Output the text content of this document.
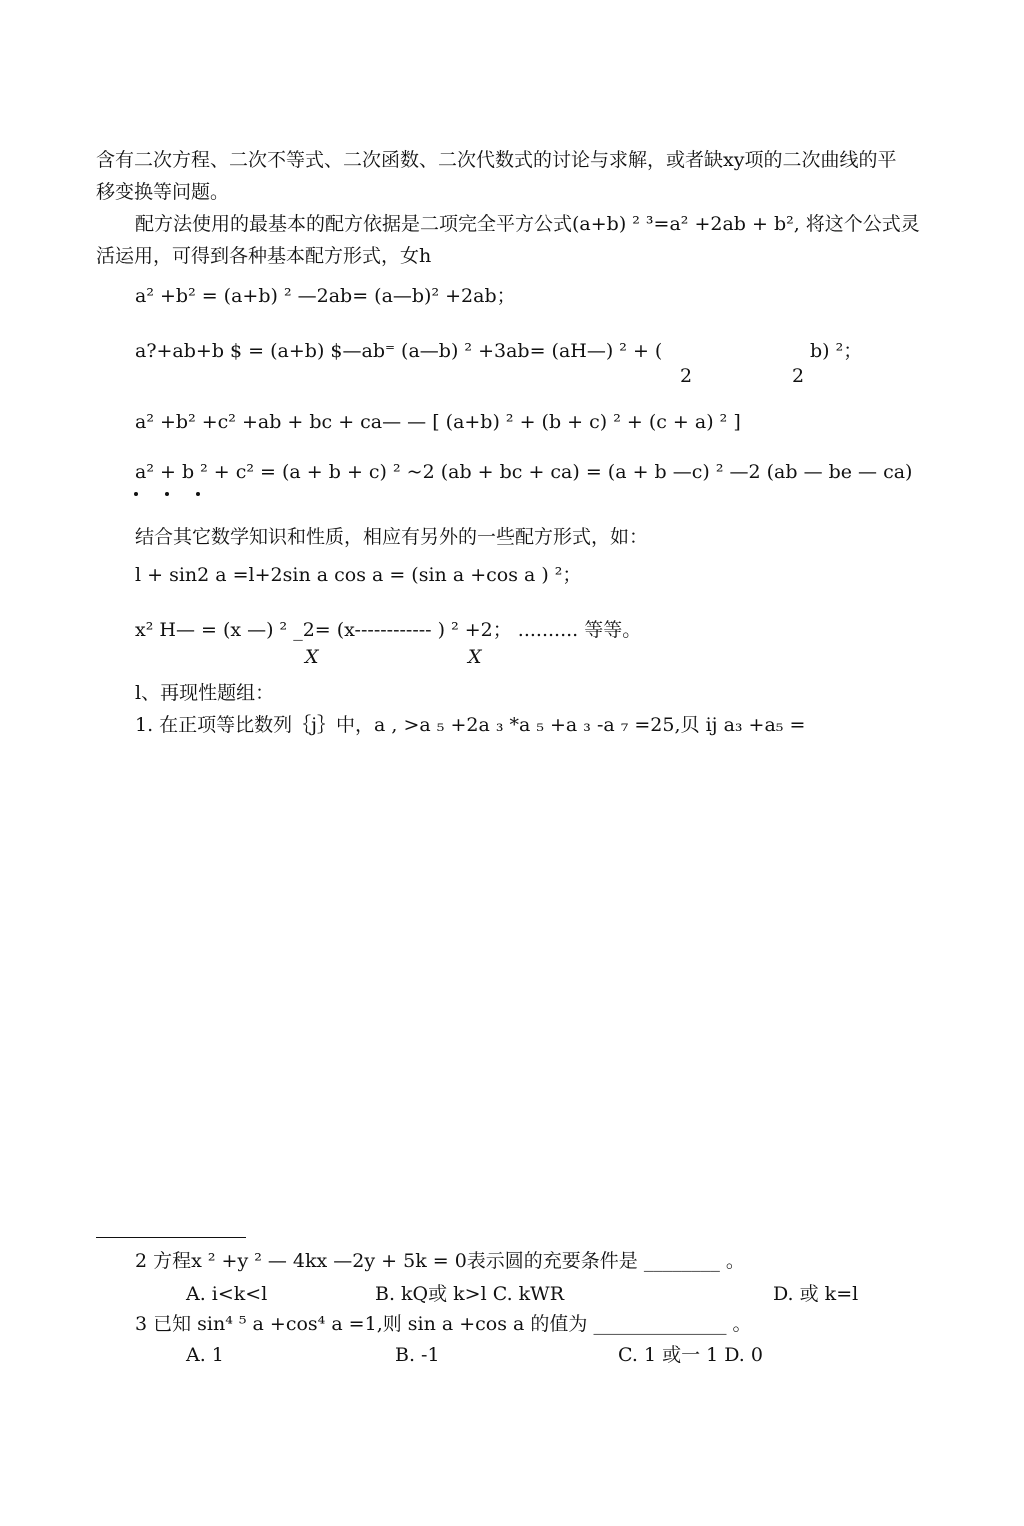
含有二次方程、二次不等式、二次函数、二次代数式的讨论与求解，或者缺xy项的二次曲线的平
移变换等问题。
配方法使用的最基本的配方依据是二项完全平方公式(a+b) ² ³=a² +2ab + b², 将这个公式灵
活运用，可得到各种基本配方形式，女h
a² +b² = (a+b) ² —2ab= (a—b)² +2ab；
a?+ab+b $ = (a+b) $—ab⁼ (a—b) ² +3ab= (aH—) ² + (	b) ²；
2	2
a² +b² +c² +ab + bc + ca— — [ (a+b) ² + (b + c) ² + (c + a) ² ]
a² + b ² + c² = (a + b + c) ² ~2 (ab + bc + ca) = (a + b —c) ² —2 (ab — be — ca)
结合其它数学知识和性质，相应有另外的一些配方形式，如：
l + sin2 a =l+2sin a cos a = (sin a +cos a ) ²；
x² H— = (x —) ² _2= (x------------ ) ² +2； .......... 等等。
X	X
l、再现性题组：
1. 在正项等比数列｛j｝中，a , >a ₅ +2a ₃ *a ₅ +a ₃ -a ₇ =25,贝 ij a₃ +a₅ =
2 方程x ² +y ² — 4kx —2y + 5k = 0表示圆的充要条件是 ________ 。
A. i<k<l	B. kQ或 k>l C. kWR	D. 或 k=l
3 已知 sin⁴ ⁵ a +cos⁴ a =1,则 sin a +cos a 的值为 ______________ 。
A. 1	B. -1	C. 1 或一 1 D. 0
